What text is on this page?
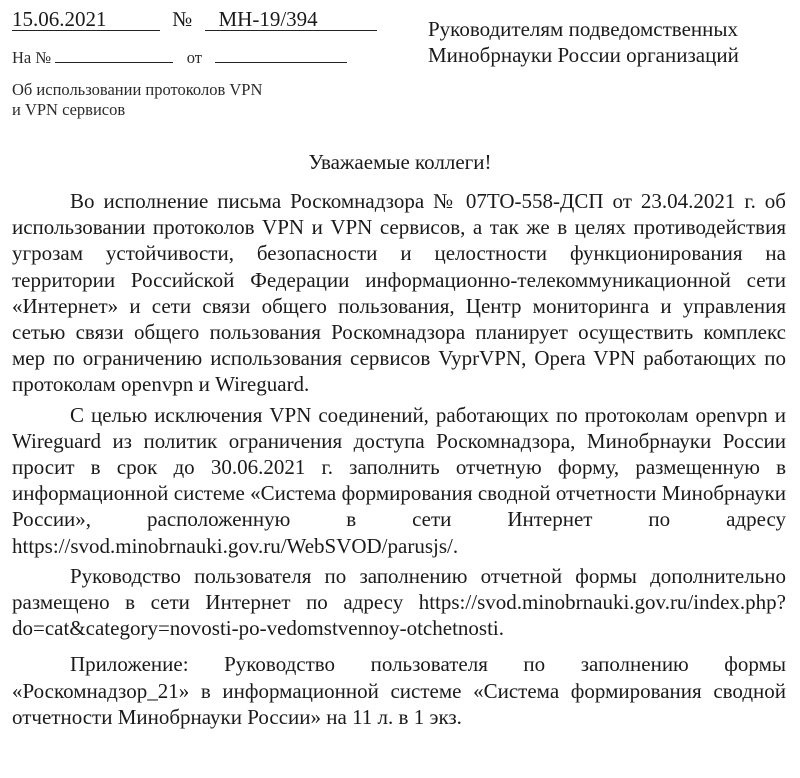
15.06.2021	№ МН-19/394
На №	от
Об использовании протоколов VPN
и VPN сервисов
Руководителям подведомственных
Минобрнауки России организаций
Уважаемые коллеги!

Во исполнение письма Роскомнадзора № 07ТО-558-ДСП от 23.04.2021 г. об использовании протоколов VPN и VPN сервисов, а так же в целях противодействия угрозам устойчивости, безопасности и целостности функционирования на территории Российской Федерации информационно-телекоммуникационной сети «Интернет» и сети связи общего пользования, Центр мониторинга и управления сетью связи общего пользования Роскомнадзора планирует осуществить комплекс мер по ограничению использования сервисов VyprVPN, Opera VPN работающих по протоколам openvpn и Wireguard.

С целью исключения VPN соединений, работающих по протоколам openvpn и Wireguard из политик ограничения доступа Роскомнадзора, Минобрнауки России просит в срок до 30.06.2021 г. заполнить отчетную форму, размещенную в информационной системе «Система формирования сводной отчетности Минобрнауки России», расположенную в сети Интернет по адресу https://svod.minobrnauki.gov.ru/WebSVOD/parusjs/.

Руководство пользователя по заполнению отчетной формы дополнительно размещено в сети Интернет по адресу https://svod.minobrnauki.gov.ru/index.php?do=cat&category=novosti-po-vedomstvennoy-otchetnosti.

Приложение: Руководство пользователя по заполнению формы «Роскомнадзор_21» в информационной системе «Система формирования сводной отчетности Минобрнауки России» на 11 л. в 1 экз.
